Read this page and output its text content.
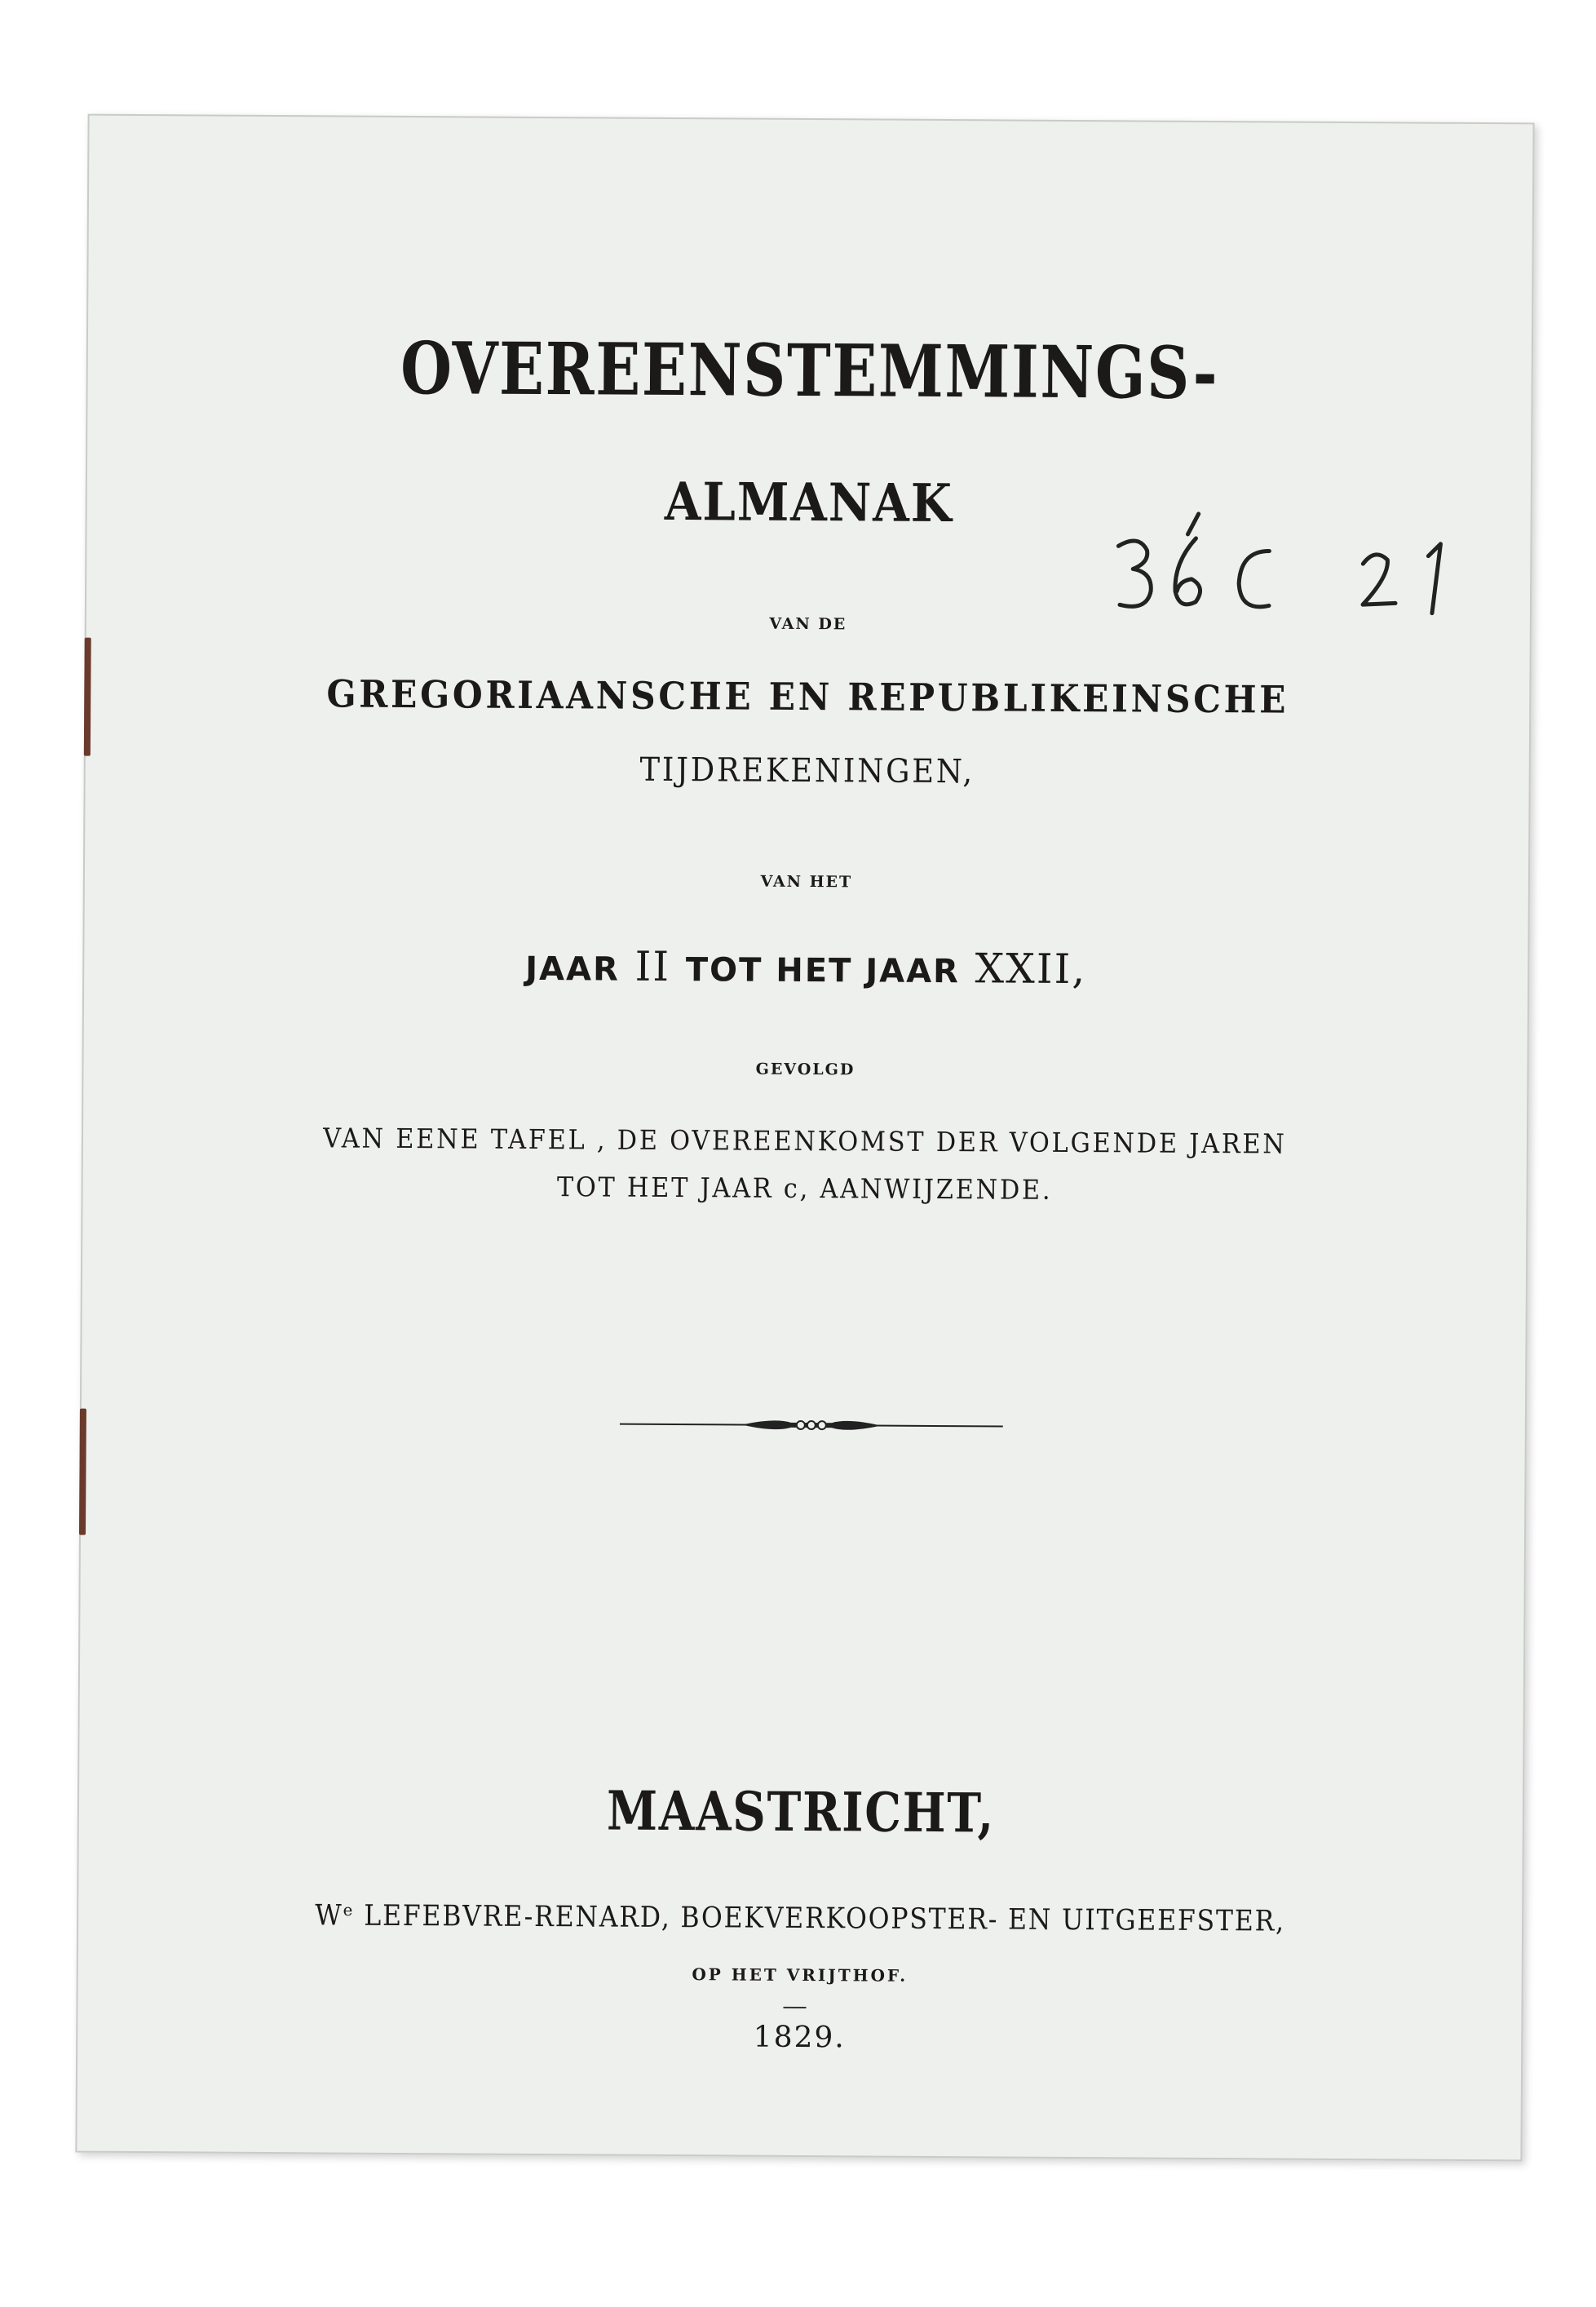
OVEREENSTEMMINGS-
ALMANAK
VAN DE
GREGORIAANSCHE EN REPUBLIKEINSCHE
TIJDREKENINGEN,
VAN HET
JAAR II TOT HET JAAR XXII,
GEVOLGD
VAN EENE TAFEL , DE OVEREENKOMST DER VOLGENDE JAREN
TOT HET JAAR c, AANWIJZENDE.
MAASTRICHT,
Wᵉ LEFEBVRE-RENARD, BOEKVERKOOPSTER- EN UITGEEFSTER,
OP HET VRIJTHOF.
1829.
